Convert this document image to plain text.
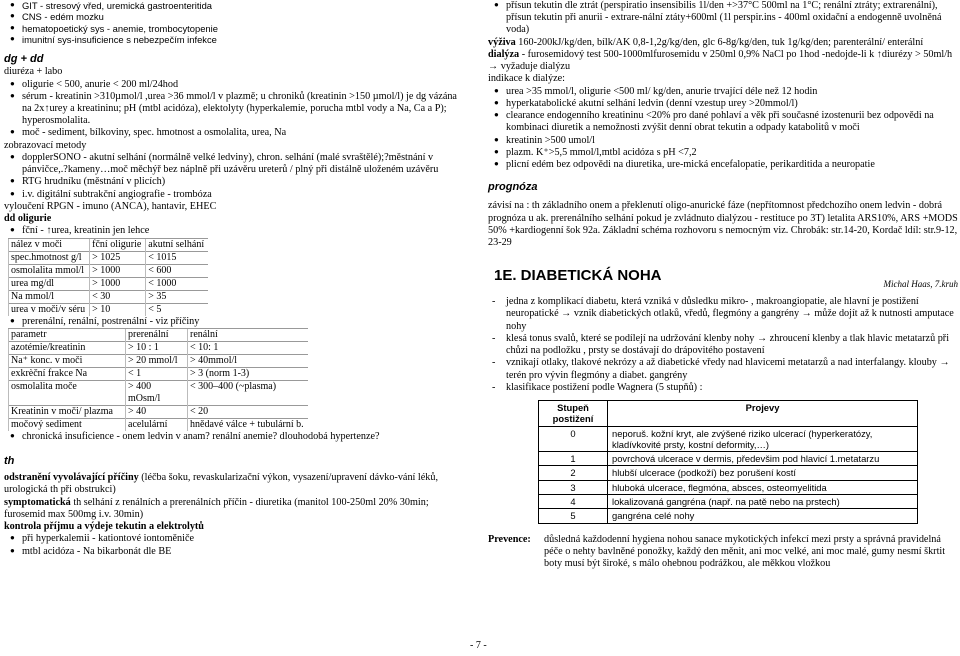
● GIT - stresový vřed, uremická gastroenteritida
● CNS - edém mozku
● hematopoetický sys - anemie, trombocytopenie
● imunitní sys-insuficience s nebezpečím infekce
dg + dd
diuréza + labo
● oligurie < 500, anurie < 200 ml/24hod
● sérum - kreatinin >310µmol/l ,urea >36 mmol/l v plazmě; u chroniků (kreatinin >150 µmol/l) je dg vázána na 2x↑urey a kreatininu; pH (mtbl acidóza), elektolyty (hyperkalemie, porucha mtbl vody a Na, Ca a P); hyperosmolalita.
● moč - sediment, bílkoviny, spec. hmotnost a osmolalita, urea, Na
zobrazovací metody
● dopplerSONO - akutní selhání (normálně velké ledviny), chron. selhání (malé svraštělé);?městnání v pánvičce,.?kameny…moč měchýř bez náplně při uzávěru ureterů / plný při distálně uloženém uzávěru
● RTG hrudníku (městnání v plicích)
● i.v. digitální subtrakční angiografie - trombóza
vyloučení RPGN - imuno (ANCA), hantavir, EHEC
dd oligurie
● fční - ↑urea, kreatinin jen lehce
nález v moči	fční oligurie	akutní selhání
spec.hmotnost g/l	> 1025	< 1015
osmolalita mmol/l	> 1000	< 600
urea mg/dl	> 1000	< 1000
Na mmol/l	< 30	> 35
urea v moči/v séru	> 10	< 5
● prerenální, renální, postrenální - viz příčiny
parametr	prerenální	renální
azotémie/kreatinin	> 10 : 1	< 10: 1
Na⁺ konc. v moči	> 20 mmol/l	> 40mmol/l
exkrèční frakce Na	< 1	> 3 (norm 1-3)
osmolalita moče	> 400 mOsm/l	< 300–400 (~plasma)
Kreatinin v moči/ plazma	> 40	< 20
močový sediment	acelulární	hnědavé válce + tubulární b.
● chronická insuficience - onem ledvin v anam? renální anemie? dlouhodobá hypertenze?
th
odstranění vyvolávající příčiny (léčba šoku, revaskularizační výkon, vysazení/upravení dávko-vání léků, urologická th při obstrukci)
symptomatická th selhání z renálních a prerenálních příčin - diuretika (manitol 100-250ml 20% 30min; furosemid max 500mg i.v. 30min)
kontrola příjmu a výdeje tekutin a elektrolytů
● při hyperkalemii - kationtové iontoměniče
● mtbl acidóza - Na bikarbonát dle BE
● přísun tekutin dle ztrát (perspiratio insensibilis 1l/den +>37°C 500ml na 1°C; renální ztráty; extrarenální), přísun tekutin při anurii - extrare-nální ztáty+600ml (1l perspir.ins - 400ml oxidační a endogenně uvolněná voda)
výživa 160-200kJ/kg/den, bílk/AK 0,8-1,2g/kg/den, glc 6-8g/kg/den, tuk 1g/kg/den; parenterální/ enterální
dialýza - furosemidový test 500-1000mlfurosemidu v 250ml 0,9% NaCl po 1hod -nedojde-li k ↑diurézy > 50ml/h → vyžaduje dialýzu
indikace k dialýze:
● urea >35 mmol/l, oligurie <500 ml/ kg/den, anurie trvající déle než 12 hodin
● hyperkatabolické akutní selhání ledvin (denní vzestup urey >20mmol/l)
● clearance endogenního kreatininu <20% pro dané pohlaví a věk při současné izostenurii bez odpovědi na kombinaci diuretik a nemožnosti zvýšit denní obrat tekutin a odpady katabolitů v moči
● kreatinin >500 umol/l
● plazm. K⁺>5,5 mmol/l,mtbl acidóza s pH <7,2
● plicní edém bez odpovědi na diuretika, ure-mická encefalopatie, perikarditida a neuropatie
prognóza
závisí na : th základního onem a překlenutí oligo-anurické fáze (nepřítomnost předchozího onem ledvin - dobrá prognóza u ak. prerenálního selhání pokud je zvládnuto dialýzou - restituce po 3T) letalita ARS10%, ARS +MODS 50% +kardiogenní šok 92a. Základní schéma rozhovoru s nemocným viz. Chrobák: str.14-20, Kordač ldíl: str.9-12, 23-29
1E. DIABETICKÁ NOHA	Michal Haas, 7.kruh
- jedna z komplikací diabetu, která vzniká v důsledku mikro- , makroangiopatie, ale hlavní je postižení neuropatické → vznik diabetických otlaků, vředů, flegmóny a gangrény → může dojít až k nutnosti amputace nohy
- klesá tonus svalů, které se podílejí na udržování klenby nohy → zhroucení klenby a tlak hlavic metatarzů při chůzi na podložku , prsty se dostávají do drápovitého postavení
- vznikají otlaky, tlakové nekrózy a až diabetické vředy nad hlavicemi metatarzů a nad interfalangy. klouby → terén pro vývin flegmóny a diabet. gangrény
- klasifikace postižení podle Wagnera (5 stupňů) :
Stupeň postižení	Projevy
0	neporuš. kožní kryt, ale zvýšené riziko ulcerací (hyperkeratózy, kladívkovité prsty, kostní deformity,…)
1	povrchová ulcerace v dermis, předevšim pod hlavicí 1.metatarzu
2	hlubší ulcerace (podkoží) bez porušení kostí
3	hluboká ulcerace, flegmóna, absces, osteomyelitida
4	lokalizovaná gangréna (např. na patě nebo na prstech)
5	gangréna celé nohy
Prevence:	důsledná každodenní hygiena nohou sanace mykotických infekcí mezi prsty a správná pravidelná péče o nehty bavlněné ponožky, každý den měnit, ani moc velké, ani moc malé, gumy nesmí škrtit boty musí být široké, s málo ohebnou podrážkou, ale měkkou vložkou
- 7 -
